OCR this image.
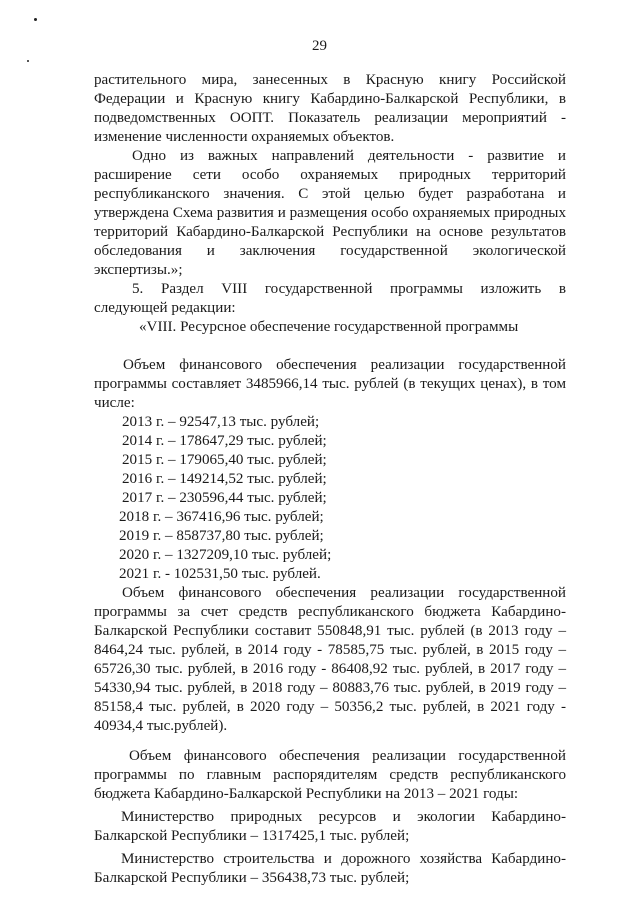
29
растительного мира, занесенных в Красную книгу Российской
Федерации и Красную книгу Кабардино-Балкарской Республики, в
подведомственных ООПТ. Показатель реализации мероприятий -
изменение численности охраняемых объектов.
Одно из важных направлений деятельности - развитие и
расширение сети особо охраняемых природных территорий
республиканского значения. С этой целью будет разработана и
утверждена Схема развития и размещения особо охраняемых природных
территорий Кабардино-Балкарской Республики на основе результатов
обследования и заключения государственной экологической
экспертизы.»;
5. Раздел VIII государственной программы изложить в
следующей редакции:
«VIII. Ресурсное обеспечение государственной программы
Объем финансового обеспечения реализации государственной
программы составляет 3485966,14 тыс. рублей (в текущих ценах), в том
числе:
2013 г. – 92547,13 тыс. рублей;
2014 г. – 178647,29 тыс. рублей;
2015 г. – 179065,40 тыс. рублей;
2016 г. – 149214,52 тыс. рублей;
2017 г. – 230596,44 тыс. рублей;
2018 г. – 367416,96 тыс. рублей;
2019 г. – 858737,80 тыс. рублей;
2020 г. – 1327209,10 тыс. рублей;
2021 г. - 102531,50 тыс. рублей.
Объем финансового обеспечения реализации государственной
программы за счет средств республиканского бюджета Кабардино-
Балкарской Республики составит 550848,91 тыс. рублей (в 2013 году –
8464,24 тыс. рублей, в 2014 году - 78585,75 тыс. рублей, в 2015 году –
65726,30 тыс. рублей, в 2016 году - 86408,92 тыс. рублей, в 2017 году –
54330,94 тыс. рублей, в 2018 году – 80883,76 тыс. рублей, в 2019 году –
85158,4 тыс. рублей, в 2020 году – 50356,2 тыс. рублей, в 2021 году -
40934,4 тыс.рублей).
Объем финансового обеспечения реализации государственной
программы по главным распорядителям средств республиканского
бюджета Кабардино-Балкарской Республики на 2013 – 2021 годы:
Министерство природных ресурсов и экологии Кабардино-
Балкарской Республики – 1317425,1 тыс. рублей;
Министерство строительства и дорожного хозяйства Кабардино-
Балкарской Республики – 356438,73 тыс. рублей;
